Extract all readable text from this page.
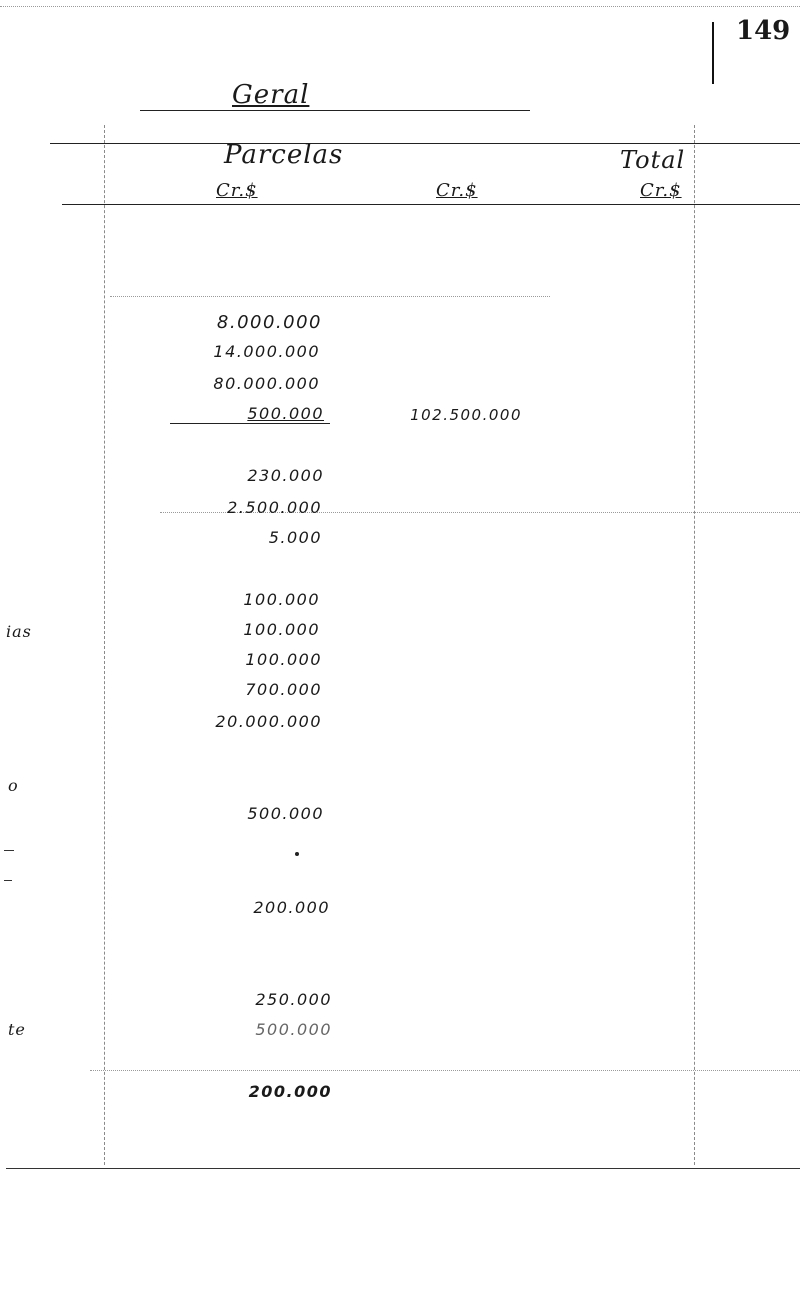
149
Geral
Parcelas
Cr.$	Cr.$
Total
Cr.$
8.000.000
14.000.000
80.000.000
500.000	102.500.000
230.000
2.500.000
5.000
100.000
100.000
100.000
700.000
20.000.000
500.000
200.000
250.000
500.000
200.000
ias
o
te
